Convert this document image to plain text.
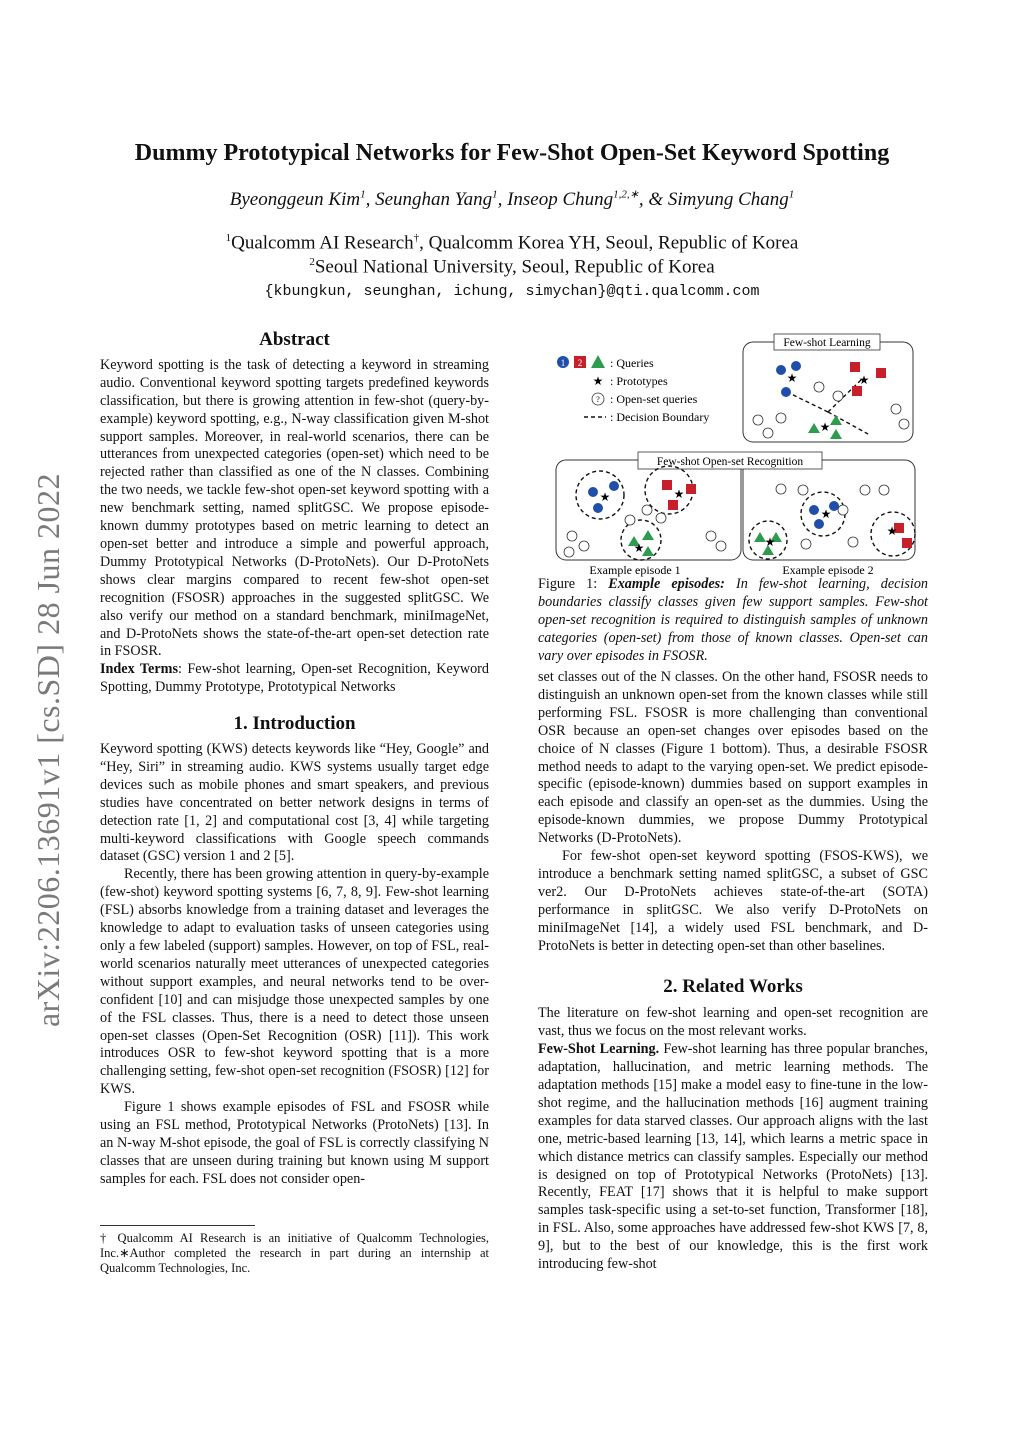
arXiv:2206.13691v1 [cs.SD] 28 Jun 2022
Dummy Prototypical Networks for Few-Shot Open-Set Keyword Spotting
Byeonggeun Kim$^1$, Seunghan Yang$^1$, Inseop Chung$^{1,2,∗}$, & Simyung Chang$^1$
$^1$Qualcomm AI Research†, Qualcomm Korea YH, Seoul, Republic of Korea
$^2$Seoul National University, Seoul, Republic of Korea
{kbungkun, seunghan, ichung, simychan}@qti.qualcomm.com
Abstract

Keyword spotting is the task of detecting a keyword in streaming audio. Conventional keyword spotting targets predefined keywords classification, but there is growing attention in few-shot (query-by-example) keyword spotting, e.g., N-way classification given M-shot support samples. Moreover, in real-world scenarios, there can be utterances from unexpected categories (open-set) which need to be rejected rather than classified as one of the N classes. Combining the two needs, we tackle few-shot open-set keyword spotting with a new benchmark setting, named splitGSC. We propose episode-known dummy prototypes based on metric learning to detect an open-set better and introduce a simple and powerful approach, Dummy Prototypical Networks (D-ProtoNets). Our D-ProtoNets shows clear margins compared to recent few-shot open-set recognition (FSOSR) approaches in the suggested splitGSC. We also verify our method on a standard benchmark, miniImageNet, and D-ProtoNets shows the state-of-the-art open-set detection rate in FSOSR.

Index Terms: Few-shot learning, Open-set Recognition, Keyword Spotting, Dummy Prototype, Prototypical Networks

1. Introduction

Keyword spotting (KWS) detects keywords like “Hey, Google” and “Hey, Siri” in streaming audio. KWS systems usually target edge devices such as mobile phones and smart speakers, and previous studies have concentrated on better network designs in terms of detection rate [1, 2] and computational cost [3, 4] while targeting multi-keyword classifications with Google speech commands dataset (GSC) version 1 and 2 [5].

Recently, there has been growing attention in query-by-example (few-shot) keyword spotting systems [6, 7, 8, 9]. Few-shot learning (FSL) absorbs knowledge from a training dataset and leverages the knowledge to adapt to evaluation tasks of unseen categories using only a few labeled (support) samples. However, on top of FSL, real-world scenarios naturally meet utterances of unexpected categories without support examples, and neural networks tend to be over-confident [10] and can misjudge those unexpected samples by one of the FSL classes. Thus, there is a need to detect those unseen open-set classes (Open-Set Recognition (OSR) [11]). This work introduces OSR to few-shot keyword spotting that is a more challenging setting, few-shot open-set recognition (FSOSR) [12] for KWS.

Figure 1 shows example episodes of FSL and FSOSR while using an FSL method, Prototypical Networks (ProtoNets) [13]. In an N-way M-shot episode, the goal of FSL is correctly classifying N classes that are unseen during training but known using M support samples for each. FSL does not consider open-

† Qualcomm AI Research is an initiative of Qualcomm Technologies, Inc.∗Author completed the research in part during an internship at Qualcomm Technologies, Inc.
1 2 : Queries
★ : Prototypes
? : Open-set queries
: Decision Boundary
Few-shot Learning
★	★
★
Few-shot Open-set Recognition
★	★
★
★
★
★
Example episode 1	Example episode 2
Figure 1: Example episodes: In few-shot learning, decision boundaries classify classes given few support samples. Few-shot open-set recognition is required to distinguish samples of unknown categories (open-set) from those of known classes. Open-set can vary over episodes in FSOSR.

set classes out of the N classes. On the other hand, FSOSR needs to distinguish an unknown open-set from the known classes while still performing FSL. FSOSR is more challenging than conventional OSR because an open-set changes over episodes based on the choice of N classes (Figure 1 bottom). Thus, a desirable FSOSR method needs to adapt to the varying open-set. We predict episode-specific (episode-known) dummies based on support examples in each episode and classify an open-set as the dummies. Using the episode-known dummies, we propose Dummy Prototypical Networks (D-ProtoNets).

For few-shot open-set keyword spotting (FSOS-KWS), we introduce a benchmark setting named splitGSC, a subset of GSC ver2. Our D-ProtoNets achieves state-of-the-art (SOTA) performance in splitGSC. We also verify D-ProtoNets on miniImageNet [14], a widely used FSL benchmark, and D-ProtoNets is better in detecting open-set than other baselines.

2. Related Works

The literature on few-shot learning and open-set recognition are vast, thus we focus on the most relevant works.

Few-Shot Learning. Few-shot learning has three popular branches, adaptation, hallucination, and metric learning methods. The adaptation methods [15] make a model easy to fine-tune in the low-shot regime, and the hallucination methods [16] augment training examples for data starved classes. Our approach aligns with the last one, metric-based learning [13, 14], which learns a metric space in which distance metrics can classify samples. Especially our method is designed on top of Prototypical Networks (ProtoNets) [13]. Recently, FEAT [17] shows that it is helpful to make support samples task-specific using a set-to-set function, Transformer [18], in FSL. Also, some approaches have addressed few-shot KWS [7, 8, 9], but to the best of our knowledge, this is the first work introducing few-shot
